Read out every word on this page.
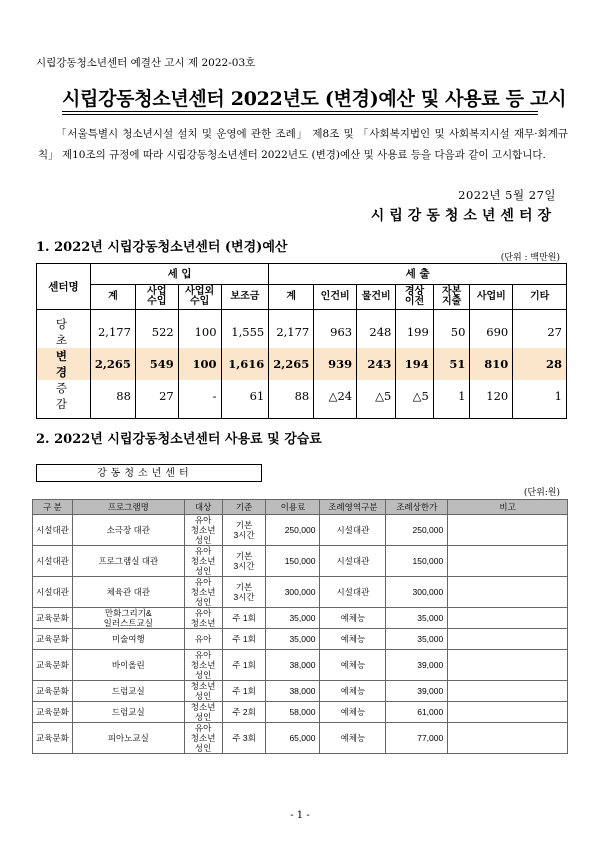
시립강동청소년센터 예결산 고시 제 2022-03호
시립강동청소년센터 2022년도 (변경)예산 및 사용료 등 고시
「서울특별시 청소년시설 설치 및 운영에 관한 조례」 제8조 및 「사회복지법인 및 사회복지시설 재무·회계규칙」 제10조의 규정에 따라 시립강동청소년센터 2022년도 (변경)예산 및 사용료 등을 다음과 같이 고시합니다.
2022년 5월 27일
시립강동청소년센터장
1. 2022년 시립강동청소년센터 (변경)예산
(단위 : 백만원)
센터명	세 입				세 출						
	계	사업
수입	사업외
수입	보조금	계	인건비	물건비	경상
이전	자본
지출	사업비	기타

당 초	2,177	522	100	1,555	2,177	963	248	199	50	690	27
변 경	2,265	549	100	1,616	2,265	939	243	194	51	810	28
증 감	88	27	-	61	88	△24	△5	△5	1	120	1

2. 2022년 시립강동청소년센터 사용료 및 강습료
강동청소년센터
(단위:원)
구 분	프로그램명	대상	기준	이용료	조례영역구분	조례상한가	비고
시설대관	소극장 대관	유아
청소년
성인	기본
3시간	250,000	시설대관	250,000	
시설대관	프로그램실 대관	유아
청소년
성인	기본
3시간	150,000	시설대관	150,000	
시설대관	체육관 대관	유아
청소년
성인	기본
3시간	300,000	시설대관	300,000	
교육문화	만화그리기&
일러스트교실	유아
청소년	주 1회	35,000	예체능	35,000	
교육문화	미술여행	유아	주 1회	35,000	예체능	35,000	
교육문화	바이올린	유아
청소년
성인	주 1회	38,000	예체능	39,000	
교육문화	드럼교실	청소년
성인	주 1회	38,000	예체능	39,000	
교육문화	드럼교실	청소년
성인	주 2회	58,000	예체능	61,000	
교육문화	피아노교실	유아
청소년
성인	주 3회	65,000	예체능	77,000	
- 1 -
